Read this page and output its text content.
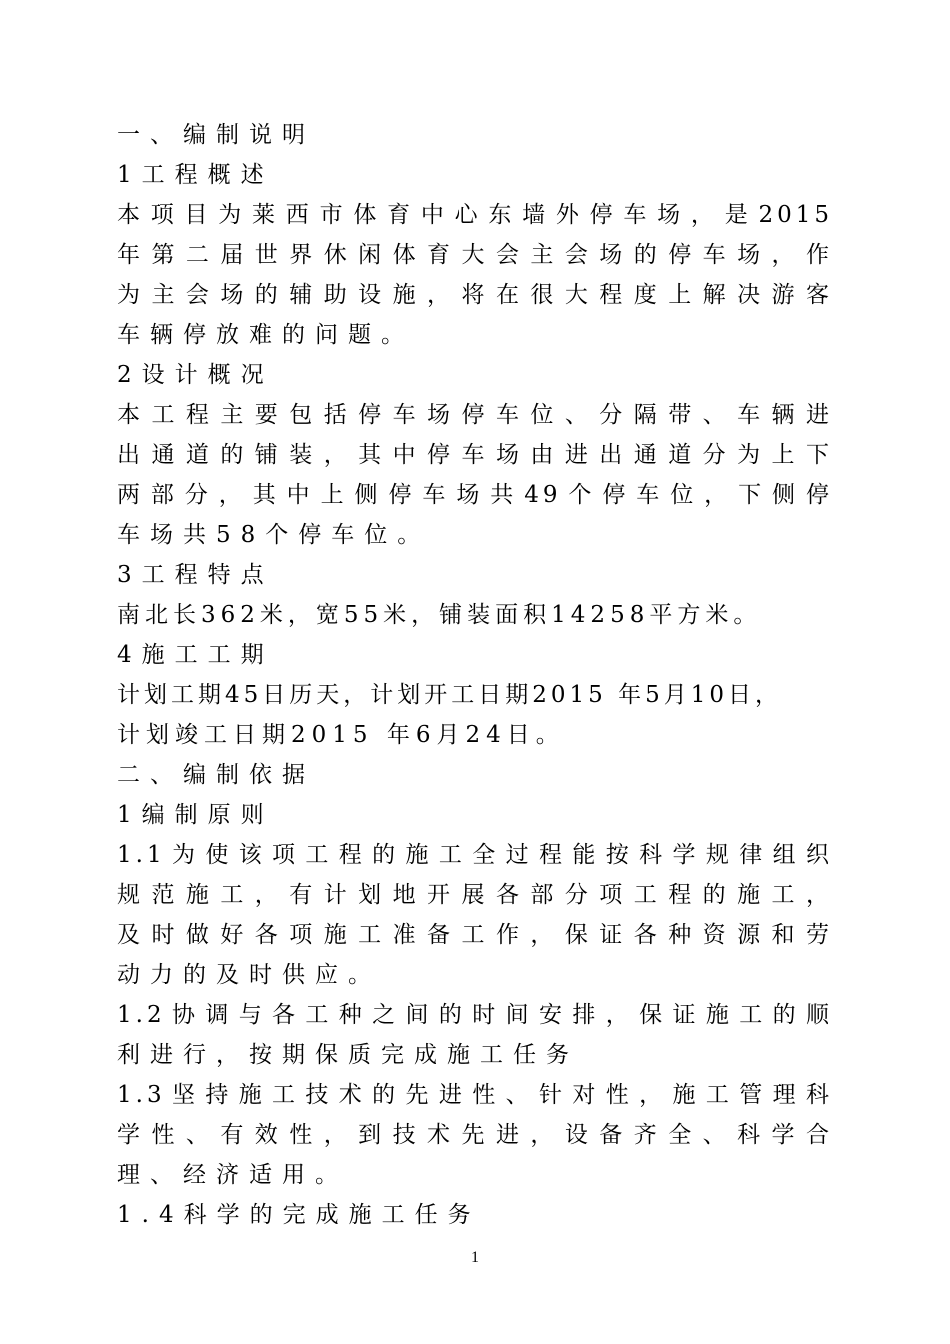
一、编制说明
1工程概述
本项目为莱西市体育中心东墙外停车场，是2015
年第二届世界休闲体育大会主会场的停车场，作
为主会场的辅助设施，将在很大程度上解决游客
车辆停放难的问题。
2设计概况
本工程主要包括停车场停车位、分隔带、车辆进
出通道的铺装，其中停车场由进出通道分为上下
两部分，其中上侧停车场共49个停车位，下侧停
车场共58个停车位。
3工程特点
南北长362米，宽55米，铺装面积14258平方米。
4施工工期
计划工期45日历天，计划开工日期2015 年5月10日，
计划竣工日期2015 年6月24日。
二、编制依据
1编制原则
1.1为使该项工程的施工全过程能按科学规律组织
规范施工，有计划地开展各部分项工程的施工，
及时做好各项施工准备工作，保证各种资源和劳
动力的及时供应。
1.2协调与各工种之间的时间安排，保证施工的顺
利进行，按期保质完成施工任务
1.3坚持施工技术的先进性、针对性，施工管理科
学性、有效性，到技术先进，设备齐全、科学合
理、经济适用。
1.4科学的完成施工任务
1
